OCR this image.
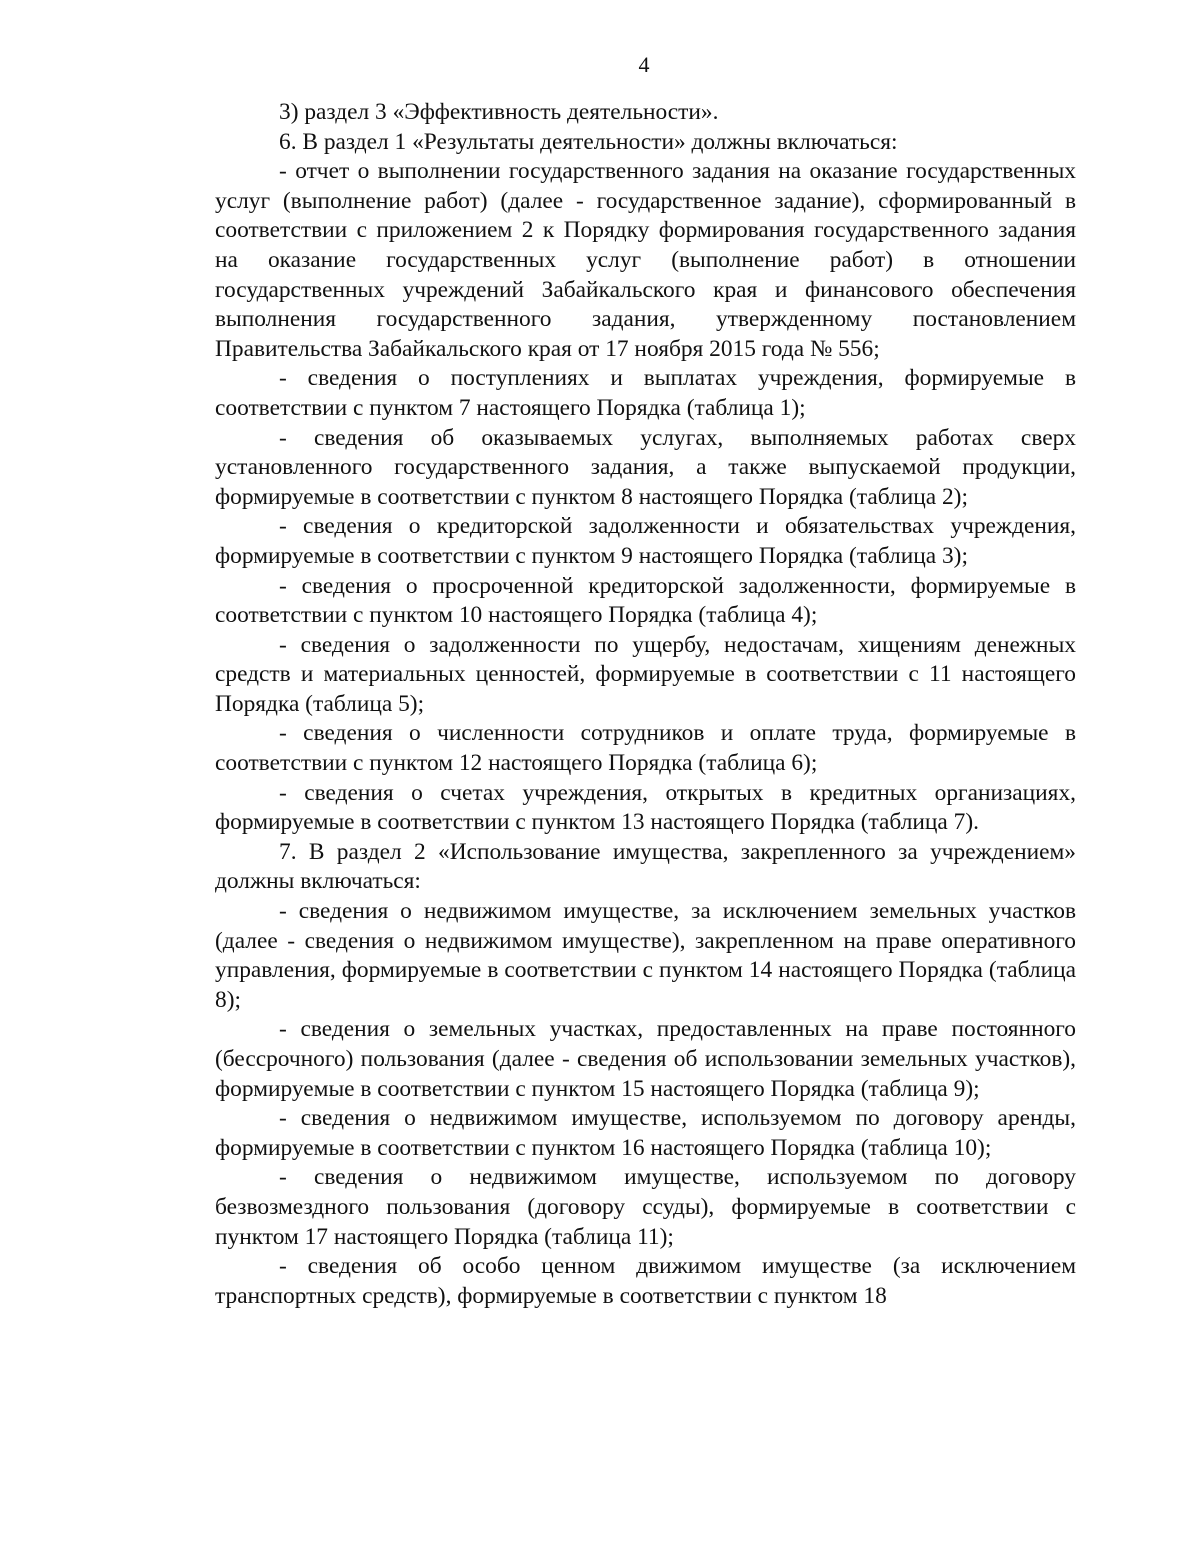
4

3) раздел 3 «Эффективность деятельности».

6. В раздел 1 «Результаты деятельности» должны включаться:

- отчет о выполнении государственного задания на оказание государственных услуг (выполнение работ) (далее - государственное задание), сформированный в соответствии с приложением 2 к Порядку формирования государственного задания на оказание государственных услуг (выполнение работ) в отношении государственных учреждений Забайкальского края и финансового обеспечения выполнения государственного задания, утвержденному постановлением Правительства Забайкальского края от 17 ноября 2015 года № 556;

- сведения о поступлениях и выплатах учреждения, формируемые в соответствии с пунктом 7 настоящего Порядка (таблица 1);

- сведения об оказываемых услугах, выполняемых работах сверх установленного государственного задания, а также выпускаемой продукции, формируемые в соответствии с пунктом 8 настоящего Порядка (таблица 2);

- сведения о кредиторской задолженности и обязательствах учреждения, формируемые в соответствии с пунктом 9 настоящего Порядка (таблица 3);

- сведения о просроченной кредиторской задолженности, формируемые в соответствии с пунктом 10 настоящего Порядка (таблица 4);

- сведения о задолженности по ущербу, недостачам, хищениям денежных средств и материальных ценностей, формируемые в соответствии с 11 настоящего Порядка (таблица 5);

- сведения о численности сотрудников и оплате труда, формируемые в соответствии с пунктом 12 настоящего Порядка (таблица 6);

- сведения о счетах учреждения, открытых в кредитных организациях, формируемые в соответствии с пунктом 13 настоящего Порядка (таблица 7).

7. В раздел 2 «Использование имущества, закрепленного за учреждением» должны включаться:

- сведения о недвижимом имуществе, за исключением земельных участков (далее - сведения о недвижимом имуществе), закрепленном на праве оперативного управления, формируемые в соответствии с пунктом 14 настоящего Порядка (таблица 8);

- сведения о земельных участках, предоставленных на праве постоянного (бессрочного) пользования (далее - сведения об использовании земельных участков), формируемые в соответствии с пунктом 15 настоящего Порядка (таблица 9);

- сведения о недвижимом имуществе, используемом по договору аренды, формируемые в соответствии с пунктом 16 настоящего Порядка (таблица 10);

- сведения о недвижимом имуществе, используемом по договору безвозмездного пользования (договору ссуды), формируемые в соответствии с пунктом 17 настоящего Порядка (таблица 11);

- сведения об особо ценном движимом имуществе (за исключением транспортных средств), формируемые в соответствии с пунктом 18
